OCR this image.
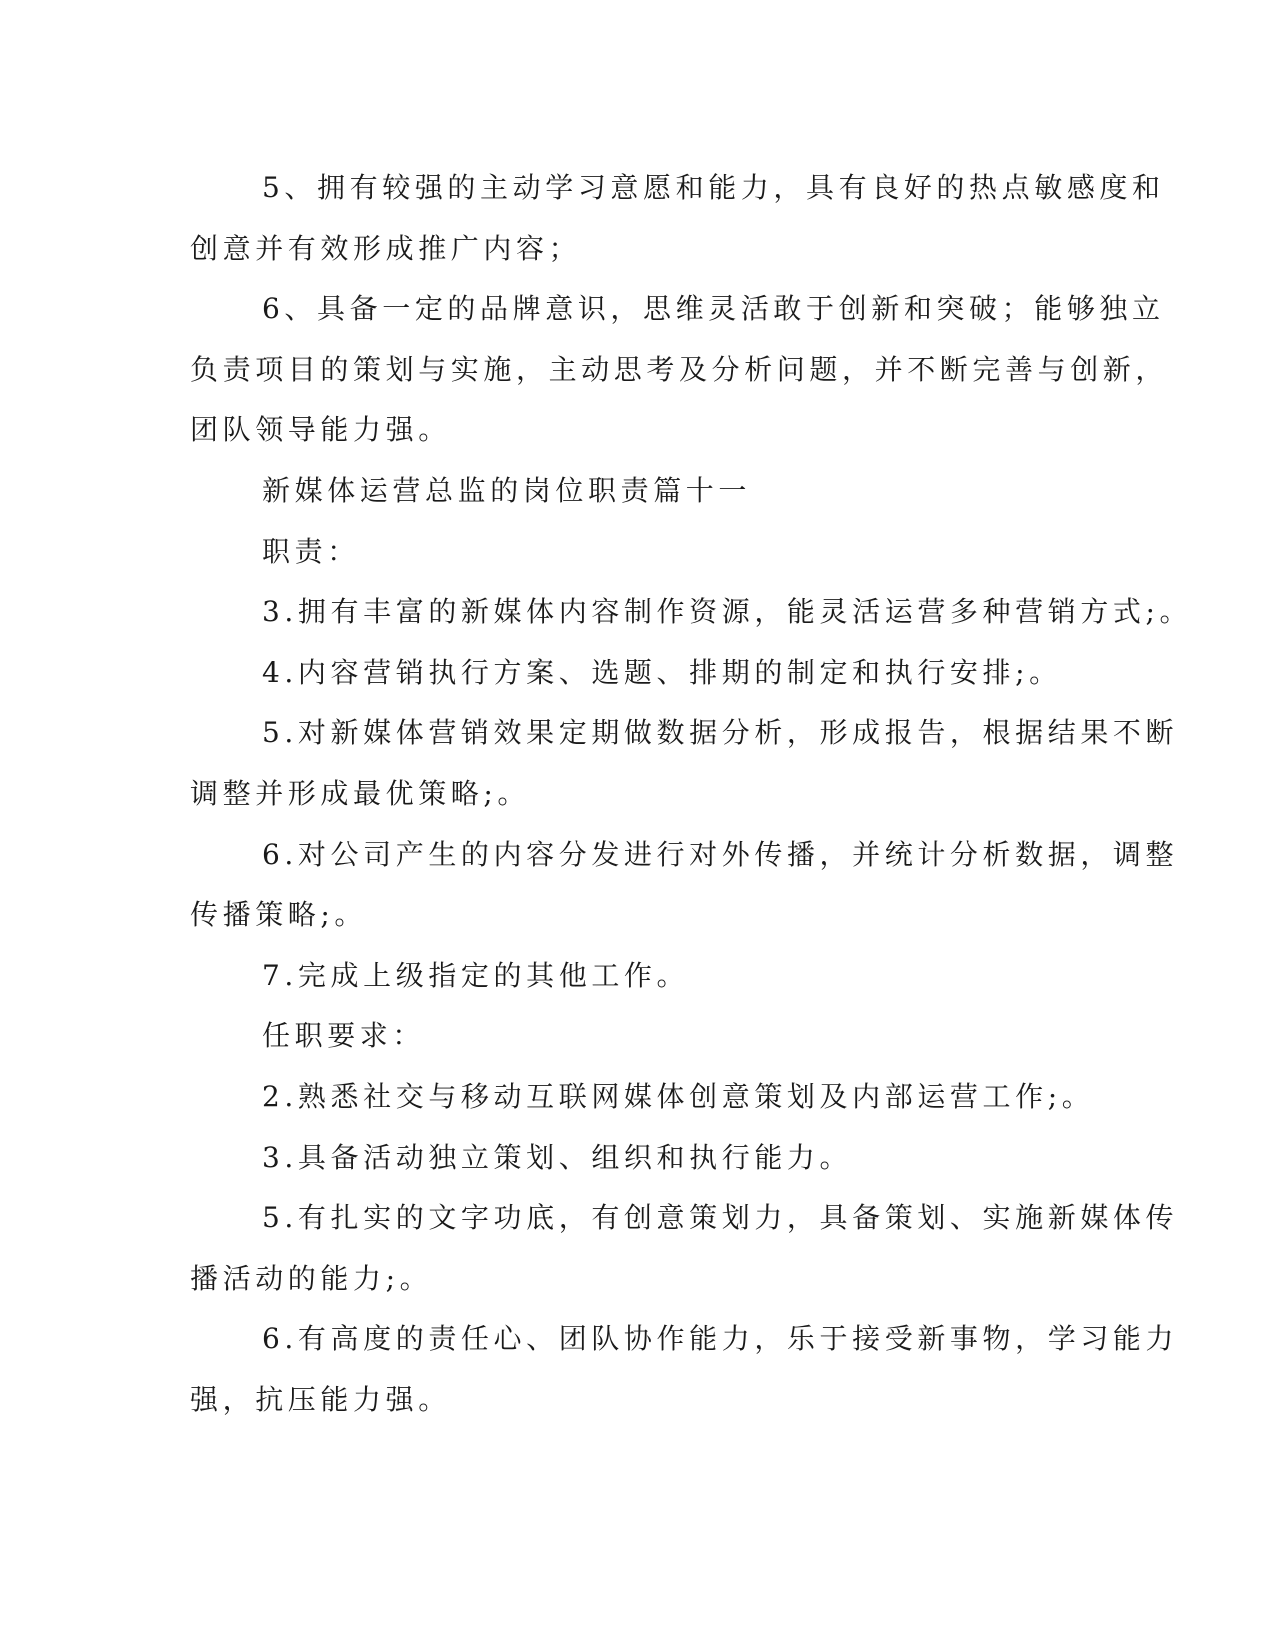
5、拥有较强的主动学习意愿和能力，具有良好的热点敏感度和

创意并有效形成推广内容；

6、具备一定的品牌意识，思维灵活敢于创新和突破；能够独立

负责项目的策划与实施，主动思考及分析问题，并不断完善与创新，

团队领导能力强。

新媒体运营总监的岗位职责篇十一

职责：

3.拥有丰富的新媒体内容制作资源，能灵活运营多种营销方式;。

4.内容营销执行方案、选题、排期的制定和执行安排;。

5.对新媒体营销效果定期做数据分析，形成报告，根据结果不断

调整并形成最优策略;。

6.对公司产生的内容分发进行对外传播，并统计分析数据，调整

传播策略;。

7.完成上级指定的其他工作。

任职要求：

2.熟悉社交与移动互联网媒体创意策划及内部运营工作;。

3.具备活动独立策划、组织和执行能力。

5.有扎实的文字功底，有创意策划力，具备策划、实施新媒体传

播活动的能力;。

6.有高度的责任心、团队协作能力，乐于接受新事物，学习能力

强，抗压能力强。
